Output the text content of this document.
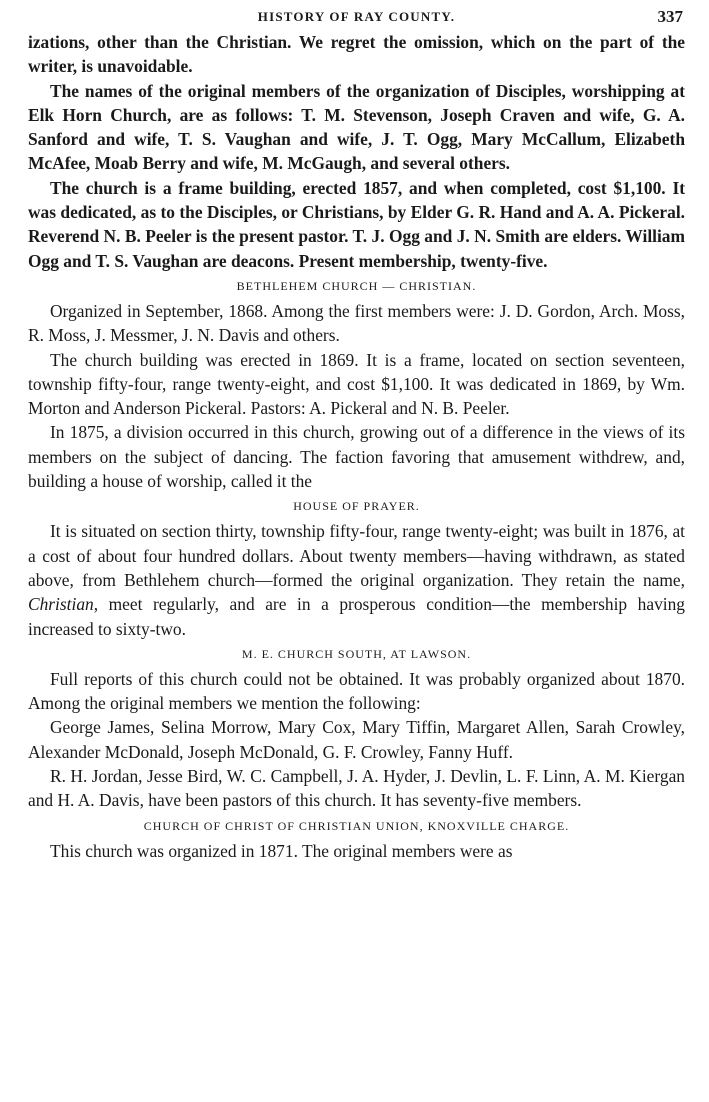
HISTORY OF RAY COUNTY.	337

izations, other than the Christian. We regret the omission, which on the part of the writer, is unavoidable.

The names of the original members of the organization of Disciples, worshipping at Elk Horn Church, are as follows: T. M. Stevenson, Joseph Craven and wife, G. A. Sanford and wife, T. S. Vaughan and wife, J. T. Ogg, Mary McCallum, Elizabeth McAfee, Moab Berry and wife, M. McGaugh, and several others.

The church is a frame building, erected 1857, and when completed, cost $1,100. It was dedicated, as to the Disciples, or Christians, by Elder G. R. Hand and A. A. Pickeral. Reverend N. B. Peeler is the present pastor. T. J. Ogg and J. N. Smith are elders. William Ogg and T. S. Vaughan are deacons. Present membership, twenty-five.

BETHLEHEM CHURCH — CHRISTIAN.

Organized in September, 1868. Among the first members were: J. D. Gordon, Arch. Moss, R. Moss, J. Messmer, J. N. Davis and others.

The church building was erected in 1869. It is a frame, located on section seventeen, township fifty-four, range twenty-eight, and cost $1,100. It was dedicated in 1869, by Wm. Morton and Anderson Pickeral. Pastors: A. Pickeral and N. B. Peeler.

In 1875, a division occurred in this church, growing out of a difference in the views of its members on the subject of dancing. The faction favoring that amusement withdrew, and, building a house of worship, called it the

HOUSE OF PRAYER.

It is situated on section thirty, township fifty-four, range twenty-eight; was built in 1876, at a cost of about four hundred dollars. About twenty members—having withdrawn, as stated above, from Bethlehem church—formed the original organization. They retain the name, Christian, meet regularly, and are in a prosperous condition—the membership having increased to sixty-two.

M. E. CHURCH SOUTH, AT LAWSON.

Full reports of this church could not be obtained. It was probably organized about 1870. Among the original members we mention the following:

George James, Selina Morrow, Mary Cox, Mary Tiffin, Margaret Allen, Sarah Crowley, Alexander McDonald, Joseph McDonald, G. F. Crowley, Fanny Huff.

R. H. Jordan, Jesse Bird, W. C. Campbell, J. A. Hyder, J. Devlin, L. F. Linn, A. M. Kiergan and H. A. Davis, have been pastors of this church. It has seventy-five members.

CHURCH OF CHRIST OF CHRISTIAN UNION, KNOXVILLE CHARGE.

This church was organized in 1871. The original members were as
